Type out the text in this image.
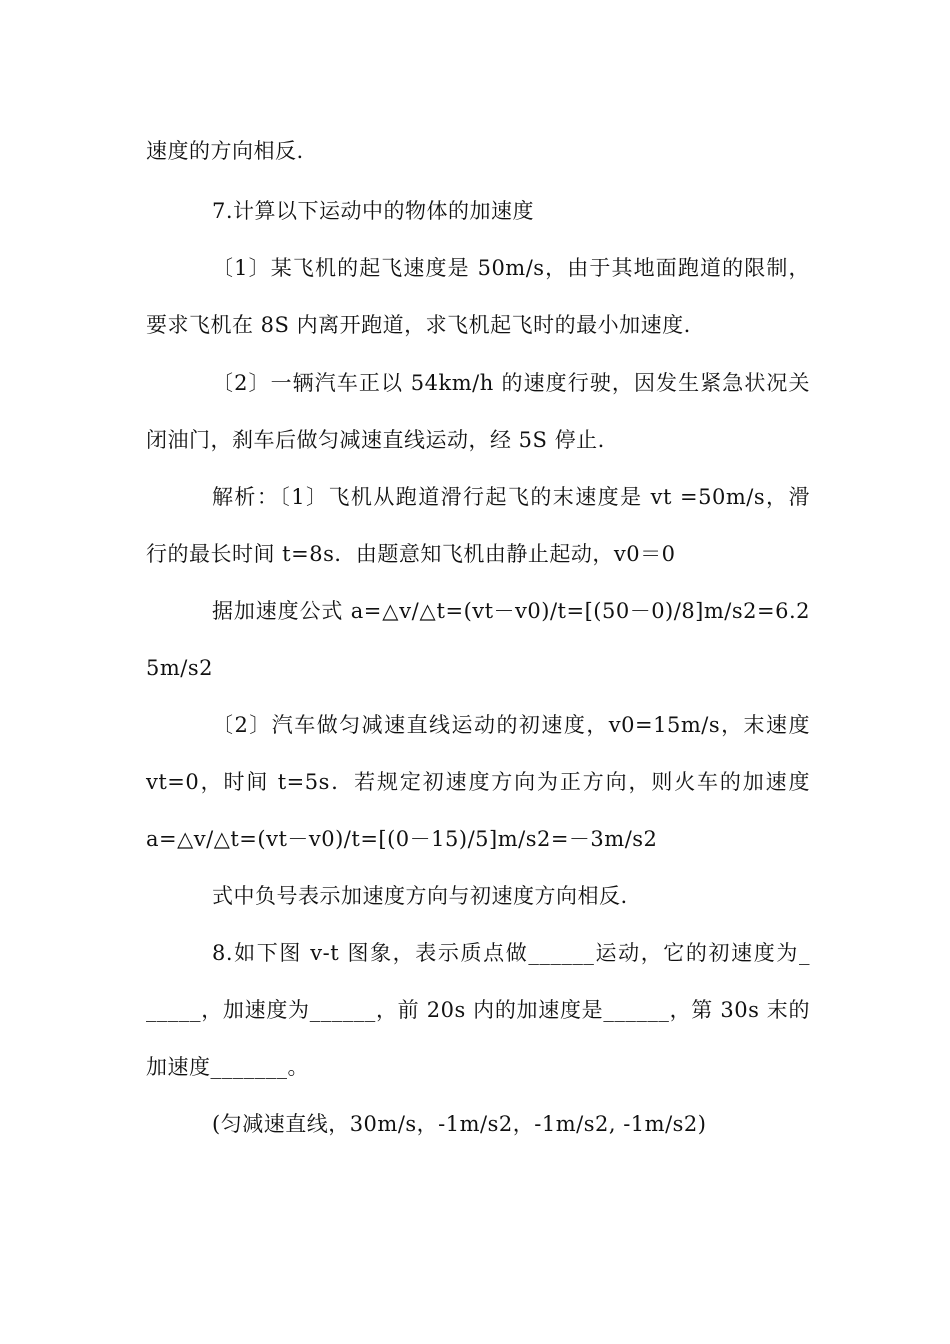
速度的方向相反.
7.计算以下运动中的物体的加速度
〔1〕某飞机的起飞速度是 50m/s，由于其地面跑道的限制，
要求飞机在 8S 内离开跑道，求飞机起飞时的最小加速度.
〔2〕一辆汽车正以 54km/h 的速度行驶，因发生紧急状况关
闭油门，刹车后做匀减速直线运动，经 5S 停止.
解析：〔1〕飞机从跑道滑行起飞的末速度是 vt =50m/s，滑
行的最长时间 t=8s．由题意知飞机由静止起动，v0＝0
据加速度公式 a=△v/△t=(vt－v0)/t=[(50－0)/8]m/s2=6.2
5m/s2
〔2〕汽车做匀减速直线运动的初速度，v0=15m/s，末速度
vt=0，时间 t=5s．若规定初速度方向为正方向，则火车的加速度
a=△v/△t=(vt－v0)/t=[(0－15)/5]m/s2=－3m/s2
式中负号表示加速度方向与初速度方向相反.
8.如下图 v-t 图象，表示质点做______运动，它的初速度为_
_____，加速度为______，前 20s 内的加速度是______，第 30s 末的
加速度_______。
(匀减速直线，30m/s，-1m/s2，-1m/s2, -1m/s2)
